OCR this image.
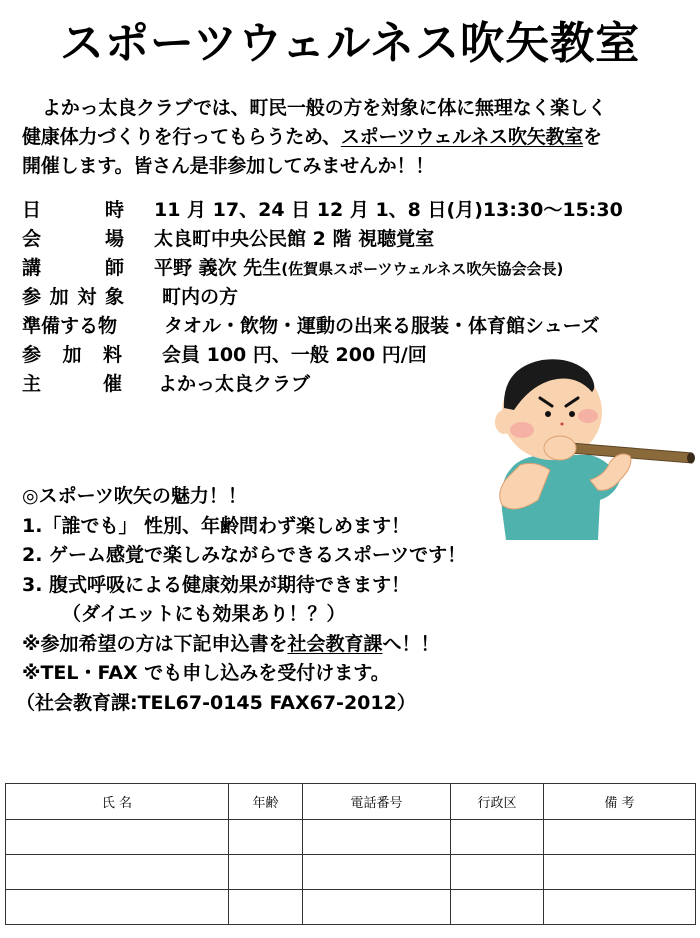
スポーツウェルネス吹矢教室
よかっ太良クラブでは、町民一般の方を対象に体に無理なく楽しく
健康体力づくりを行ってもらうため、スポーツウェルネス吹矢教室を
開催します。皆さん是非参加してみませんか！！
日	時 11 月 17、24 日 12 月 1、8 日(月)13:30～15:30
会	場 太良町中央公民館 2 階 視聴覚室
講	師 平野 義次 先生(佐賀県スポーツウェルネス吹矢協会会長)
参 加 対 象 町内の方
準備する物	タオル・飲物・運動の出来る服装・体育館シューズ
参 加 料 会員 100 円、一般 200 円/回
主	催 よかっ太良クラブ
◎スポーツ吹矢の魅力！！
1.「誰でも」 性別、年齢問わず楽しめます！
2. ゲーム感覚で楽しみながらできるスポーツです！
3. 腹式呼吸による健康効果が期待できます！
（ダイエットにも効果あり！？）
※参加希望の方は下記申込書を社会教育課へ！！
※TEL・FAX でも申し込みを受付けます。
（社会教育課:TEL67-0145 FAX67-2012）
氏 名	年齢	電話番号	行政区	備 考
